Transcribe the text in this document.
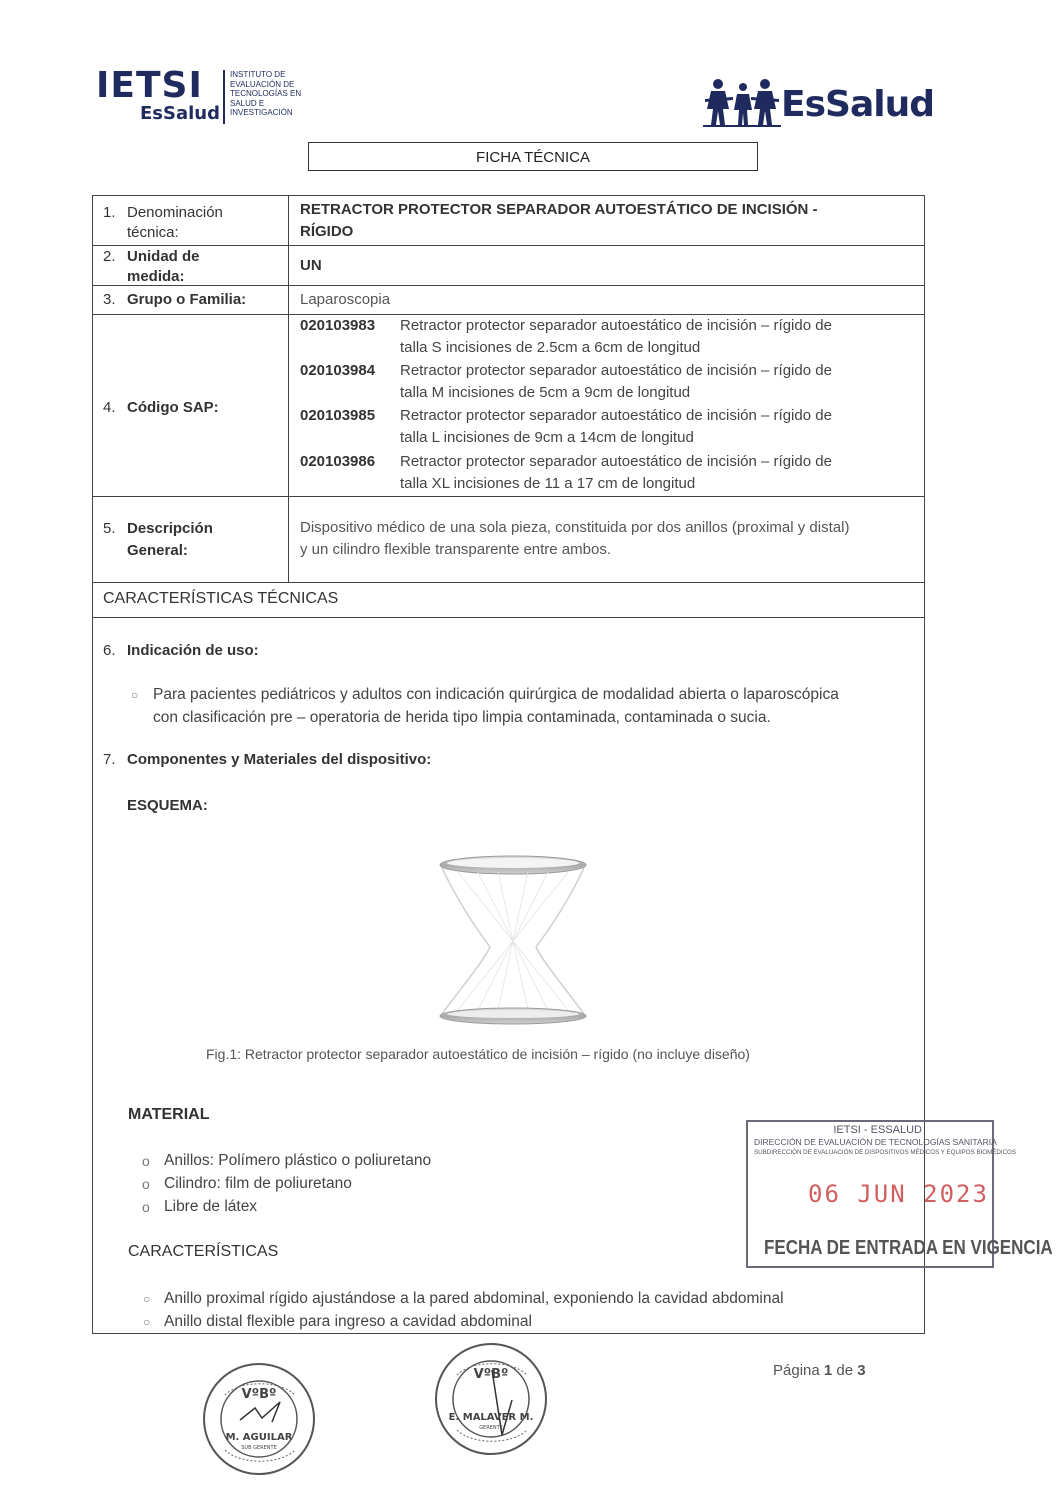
IETSI
EsSalud
INSTITUTO DE EVALUACIÓN DE TECNOLOGÍAS EN SALUD E INVESTIGACIÓN	EsSalud
FICHA TÉCNICA
1. Denominación
técnica:
RETRACTOR PROTECTOR SEPARADOR AUTOESTÁTICO DE INCISIÓN -
RÍGIDO
2. Unidad de
medida:
UN
3. Grupo o Familia:	Laparoscopia
4. Código SAP:
020103983 Retractor protector separador autoestático de incisión – rígido de
talla S incisiones de 2.5cm a 6cm de longitud
020103984 Retractor protector separador autoestático de incisión – rígido de
talla M incisiones de 5cm a 9cm de longitud
020103985 Retractor protector separador autoestático de incisión – rígido de
talla L incisiones de 9cm a 14cm de longitud
020103986 Retractor protector separador autoestático de incisión – rígido de
talla XL incisiones de 11 a 17 cm de longitud
5. Descripción
General:
Dispositivo médico de una sola pieza, constituida por dos anillos (proximal y distal)
y un cilindro flexible transparente entre ambos.
CARACTERÍSTICAS TÉCNICAS
6. Indicación de uso:
○ Para pacientes pediátricos y adultos con indicación quirúrgica de modalidad abierta o laparoscópica
con clasificación pre – operatoria de herida tipo limpia contaminada, contaminada o sucia.
7. Componentes y Materiales del dispositivo:
ESQUEMA:
Fig.1: Retractor protector separador autoestático de incisión – rígido (no incluye diseño)
MATERIAL
o Anillos: Polímero plástico o poliuretano
o Cilindro: film de poliuretano
o Libre de látex
CARACTERÍSTICAS
○ Anillo proximal rígido ajustándose a la pared abdominal, exponiendo la cavidad abdominal
○ Anillo distal flexible para ingreso a cavidad abdominal
IETSI - ESSALUD
DIRECCIÓN DE EVALUACIÓN DE TECNOLOGÍAS SANITARIA
SUBDIRECCIÓN DE EVALUACIÓN DE DISPOSITIVOS MÉDICOS Y EQUIPOS BIOMÉDICOS
06 JUN 2023
FECHA DE ENTRADA EN VIGENCIA
VºBº
M. AGUILAR
SUB GERENTE
VºBº
E. MALAVER M.
GERENTE
Página 1 de 3
